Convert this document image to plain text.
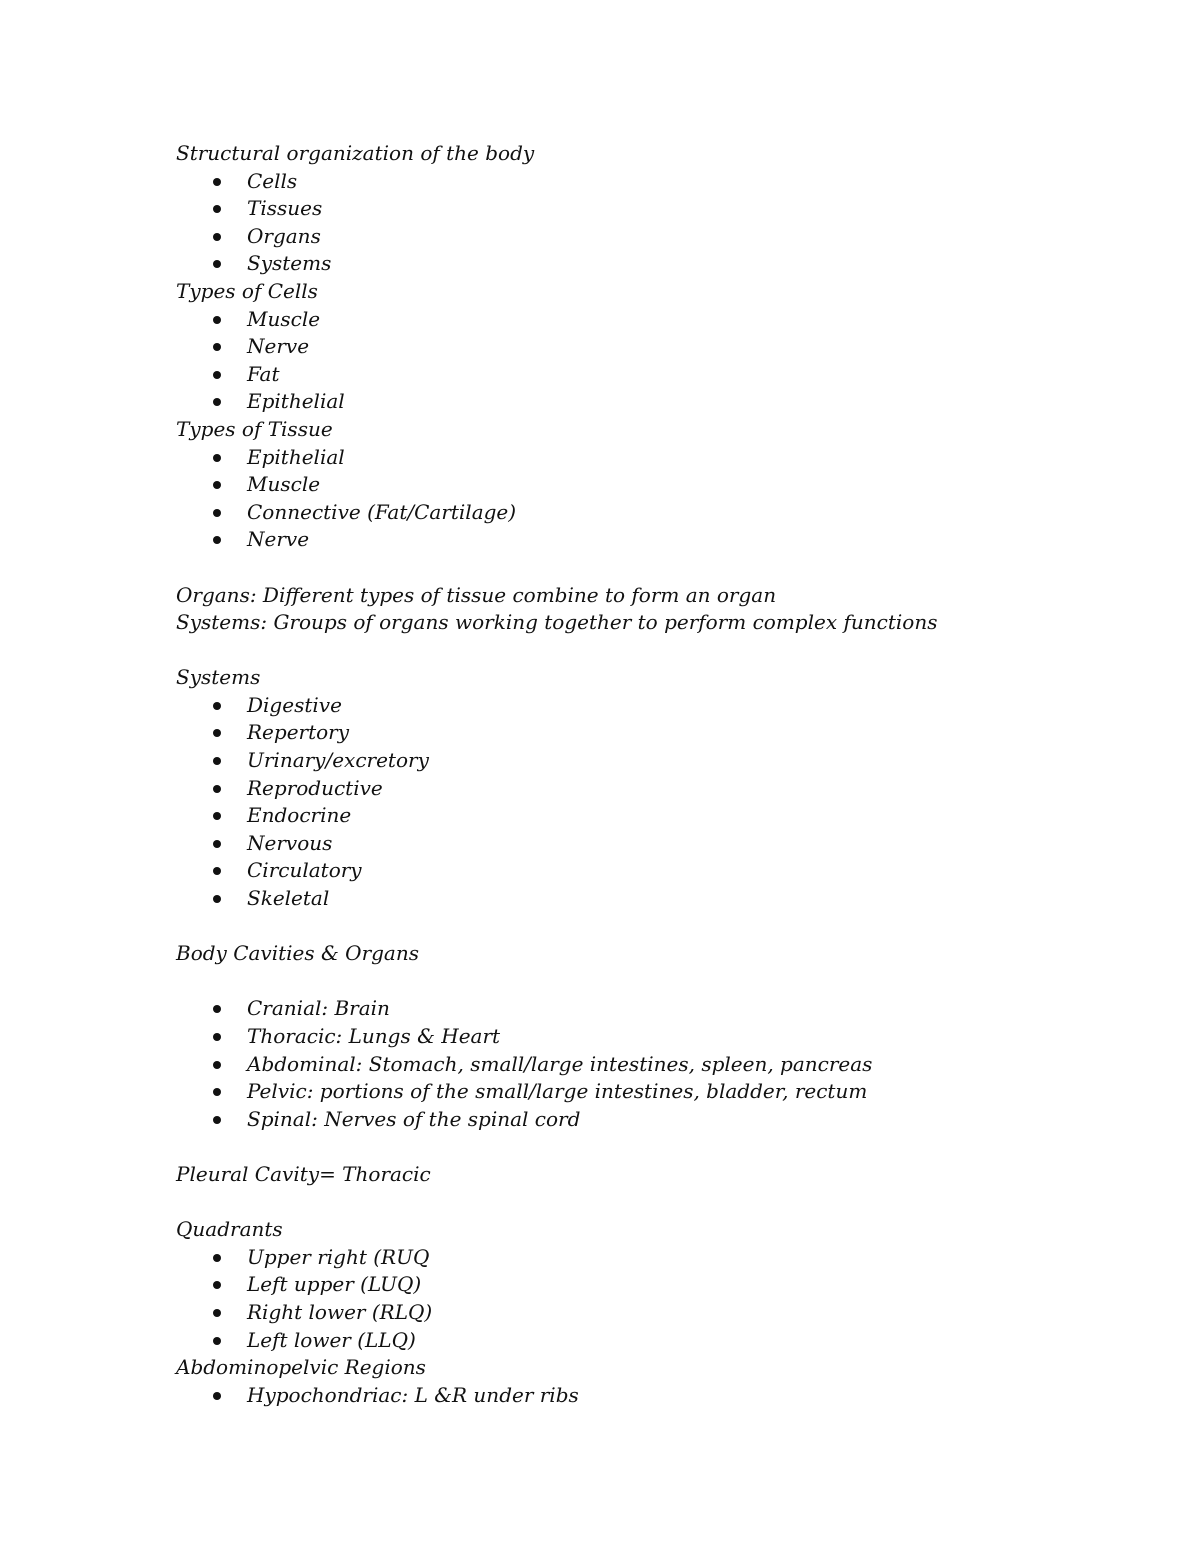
Structural organization of the body
Cells
Tissues
Organs
Systems
Types of Cells
Muscle
Nerve
Fat
Epithelial
Types of Tissue
Epithelial
Muscle
Connective (Fat/Cartilage)
Nerve
Organs: Different types of tissue combine to form an organ
Systems: Groups of organs working together to perform complex functions
Systems
Digestive
Repertory
Urinary/excretory
Reproductive
Endocrine
Nervous
Circulatory
Skeletal
Body Cavities & Organs
Cranial: Brain
Thoracic: Lungs & Heart
Abdominal: Stomach, small/large intestines, spleen, pancreas
Pelvic: portions of the small/large intestines, bladder, rectum
Spinal: Nerves of the spinal cord
Pleural Cavity= Thoracic
Quadrants
Upper right (RUQ
Left upper (LUQ)
Right lower (RLQ)
Left lower (LLQ)
Abdominopelvic Regions
Hypochondriac: L &R under ribs
